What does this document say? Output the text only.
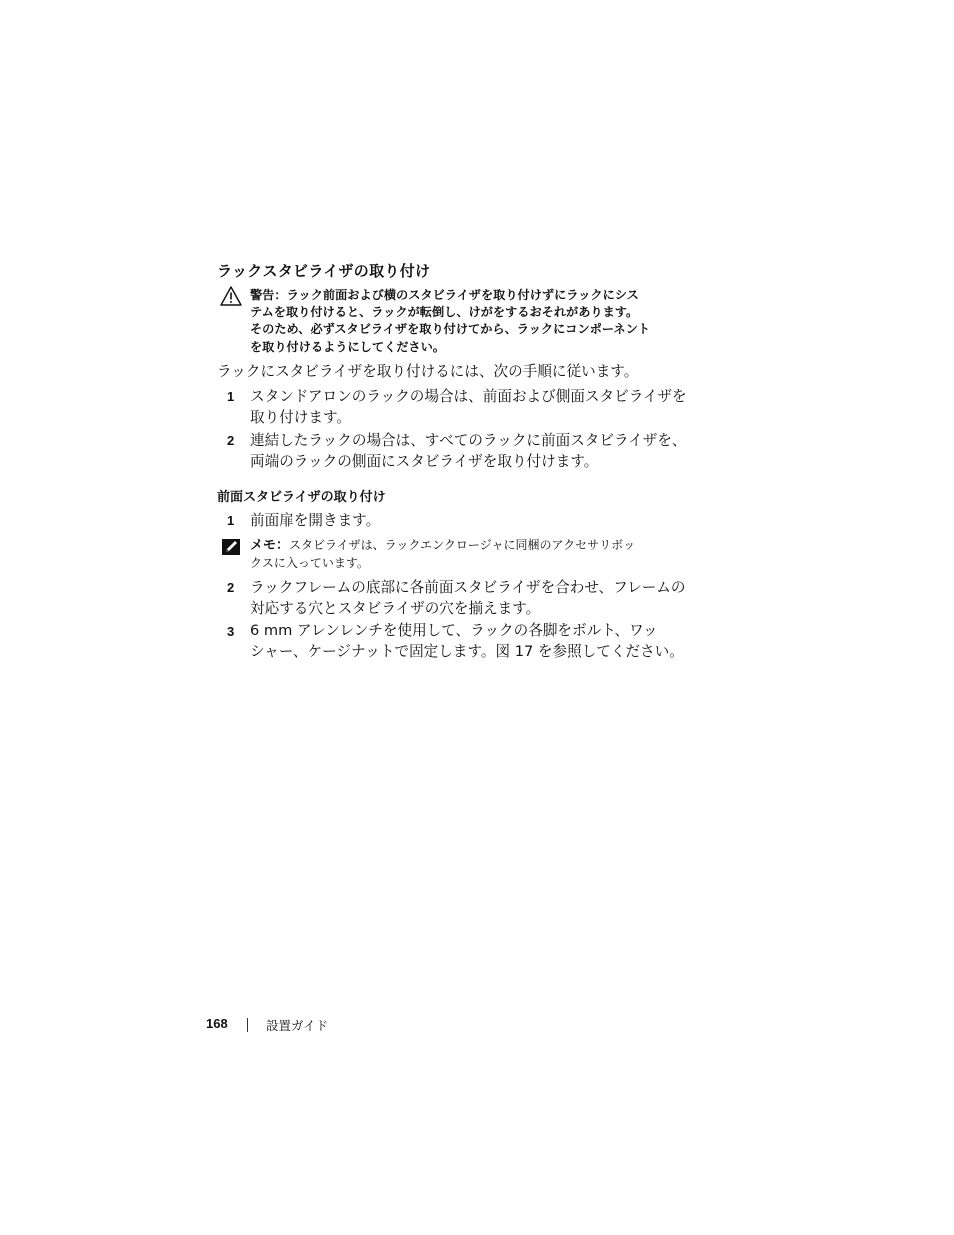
ラックスタビライザの取り付け
警告：ラック前面および横のスタビライザを取り付けずにラックにシス
テムを取り付けると、ラックが転倒し、けがをするおそれがあります。
そのため、必ずスタビライザを取り付けてから、ラックにコンポーネント
を取り付けるようにしてください。
ラックにスタビライザを取り付けるには、次の手順に従います。
1 スタンドアロンのラックの場合は、前面および側面スタビライザを
取り付けます。
2 連結したラックの場合は、すべてのラックに前面スタビライザを、
両端のラックの側面にスタビライザを取り付けます。
前面スタビライザの取り付け
1 前面扉を開きます。
メモ：スタビライザは、ラックエンクロージャに同梱のアクセサリボッ
クスに入っています。
2 ラックフレームの底部に各前面スタビライザを合わせ、フレームの
対応する穴とスタビライザの穴を揃えます。
3 6 mm アレンレンチを使用して、ラックの各脚をボルト、ワッ
シャー、ケージナットで固定します。図 17 を参照してください。
168	設置ガイド
